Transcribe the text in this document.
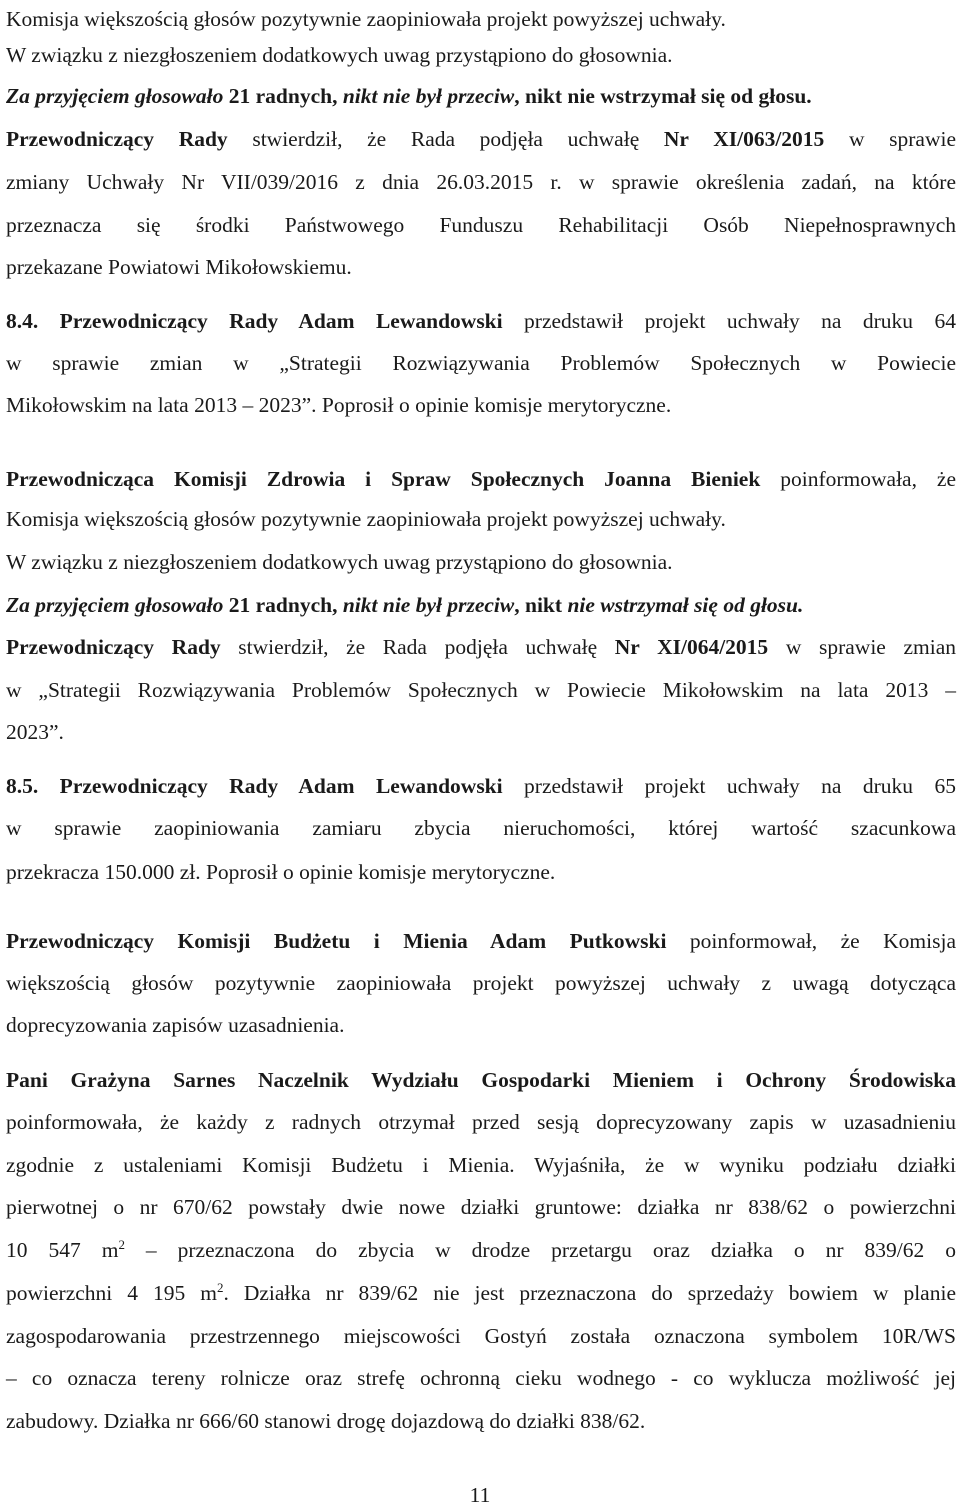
Komisja większością głosów pozytywnie zaopiniowała projekt powyższej uchwały.
W związku z niezgłoszeniem dodatkowych uwag przystąpiono do głosownia.
Za przyjęciem głosowało 21 radnych, nikt nie był przeciw, nikt nie wstrzymał się od głosu.
Przewodniczący Rady stwierdził, że Rada podjęła uchwałę Nr XI/063/2015 w sprawie
zmiany Uchwały Nr VII/039/2016 z dnia 26.03.2015 r. w sprawie określenia zadań, na które
przeznacza się środki Państwowego Funduszu Rehabilitacji Osób Niepełnosprawnych
przekazane Powiatowi Mikołowskiemu.
8.4. Przewodniczący Rady Adam Lewandowski przedstawił projekt uchwały na druku 64
w sprawie zmian w „Strategii Rozwiązywania Problemów Społecznych w Powiecie
Mikołowskim na lata 2013 – 2023”. Poprosił o opinie komisje merytoryczne.
Przewodnicząca Komisji Zdrowia i Spraw Społecznych Joanna Bieniek poinformowała, że
Komisja większością głosów pozytywnie zaopiniowała projekt powyższej uchwały.
W związku z niezgłoszeniem dodatkowych uwag przystąpiono do głosownia.
Za przyjęciem głosowało 21 radnych, nikt nie był przeciw, nikt nie wstrzymał się od głosu.
Przewodniczący Rady stwierdził, że Rada podjęła uchwałę Nr XI/064/2015 w sprawie zmian
w „Strategii Rozwiązywania Problemów Społecznych w Powiecie Mikołowskim na lata 2013 –
2023”.
8.5. Przewodniczący Rady Adam Lewandowski przedstawił projekt uchwały na druku 65
w sprawie zaopiniowania zamiaru zbycia nieruchomości, której wartość szacunkowa
przekracza 150.000 zł. Poprosił o opinie komisje merytoryczne.
Przewodniczący Komisji Budżetu i Mienia Adam Putkowski poinformował, że Komisja
większością głosów pozytywnie zaopiniowała projekt powyższej uchwały z uwagą dotycząca
doprecyzowania zapisów uzasadnienia.
Pani Grażyna Sarnes Naczelnik Wydziału Gospodarki Mieniem i Ochrony Środowiska
poinformowała, że każdy z radnych otrzymał przed sesją doprecyzowany zapis w uzasadnieniu
zgodnie z ustaleniami Komisji Budżetu i Mienia. Wyjaśniła, że w wyniku podziału działki
pierwotnej o nr 670/62 powstały dwie nowe działki gruntowe: działka nr 838/62 o powierzchni
10 547 $m^2$ – przeznaczona do zbycia w drodze przetargu oraz działka o nr 839/62 o
powierzchni 4 195 $m^2$. Działka nr 839/62 nie jest przeznaczona do sprzedaży bowiem w planie
zagospodarowania przestrzennego miejscowości Gostyń została oznaczona symbolem 10R/WS
– co oznacza tereny rolnicze oraz strefę ochronną cieku wodnego - co wyklucza możliwość jej
zabudowy. Działka nr 666/60 stanowi drogę dojazdową do działki 838/62.
11
